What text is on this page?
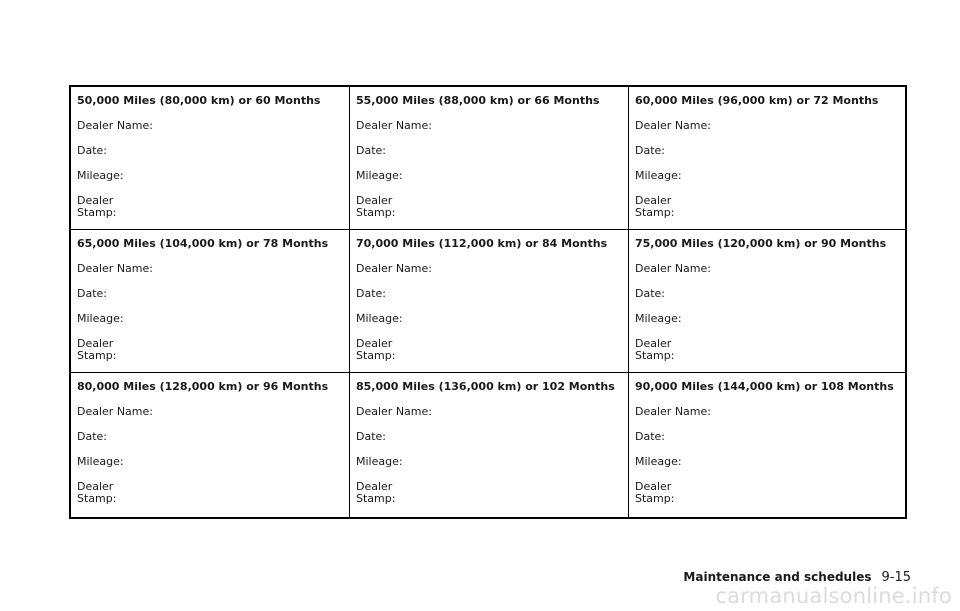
50,000 Miles (80,000 km) or 60 Months
Dealer Name:
Date:
Mileage:
Dealer Stamp:
55,000 Miles (88,000 km) or 66 Months
Dealer Name:
Date:
Mileage:
Dealer Stamp:
60,000 Miles (96,000 km) or 72 Months
Dealer Name:
Date:
Mileage:
Dealer Stamp:
65,000 Miles (104,000 km) or 78 Months
Dealer Name:
Date:
Mileage:
Dealer Stamp:
70,000 Miles (112,000 km) or 84 Months
Dealer Name:
Date:
Mileage:
Dealer Stamp:
75,000 Miles (120,000 km) or 90 Months
Dealer Name:
Date:
Mileage:
Dealer Stamp:
80,000 Miles (128,000 km) or 96 Months
Dealer Name:
Date:
Mileage:
Dealer Stamp:
85,000 Miles (136,000 km) or 102 Months
Dealer Name:
Date:
Mileage:
Dealer Stamp:
90,000 Miles (144,000 km) or 108 Months
Dealer Name:
Date:
Mileage:
Dealer Stamp:
Maintenance and schedules 9-15
carmanualsonline.info
